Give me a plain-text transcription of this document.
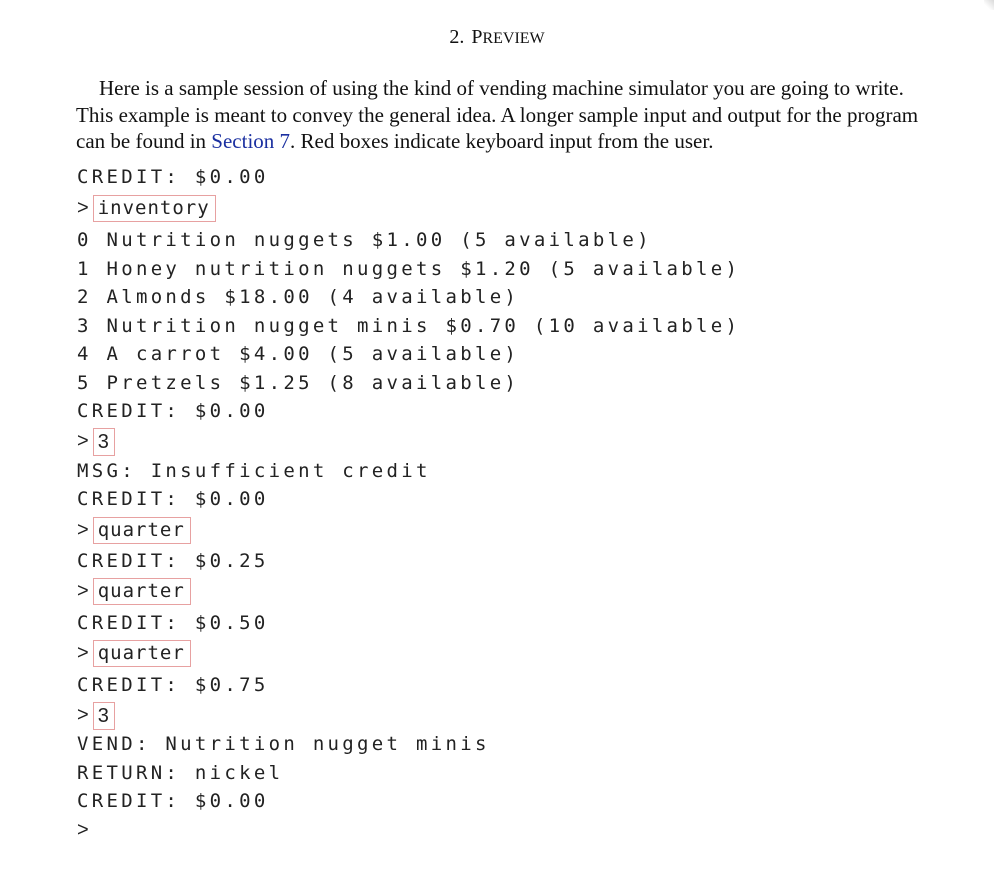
2. PREVIEW
Here is a sample session of using the kind of vending machine simulator you are going to write.
This example is meant to convey the general idea. A longer sample input and output for the program
can be found in Section 7. Red boxes indicate keyboard input from the user.
CREDIT: $0.00
> inventory
0 Nutrition nuggets $1.00 (5 available)
1 Honey nutrition nuggets $1.20 (5 available)
2 Almonds $18.00 (4 available)
3 Nutrition nugget minis $0.70 (10 available)
4 A carrot $4.00 (5 available)
5 Pretzels $1.25 (8 available)
CREDIT: $0.00
> 3
MSG: Insufficient credit
CREDIT: $0.00
> quarter
CREDIT: $0.25
> quarter
CREDIT: $0.50
> quarter
CREDIT: $0.75
> 3
VEND: Nutrition nugget minis
RETURN: nickel
CREDIT: $0.00
>
